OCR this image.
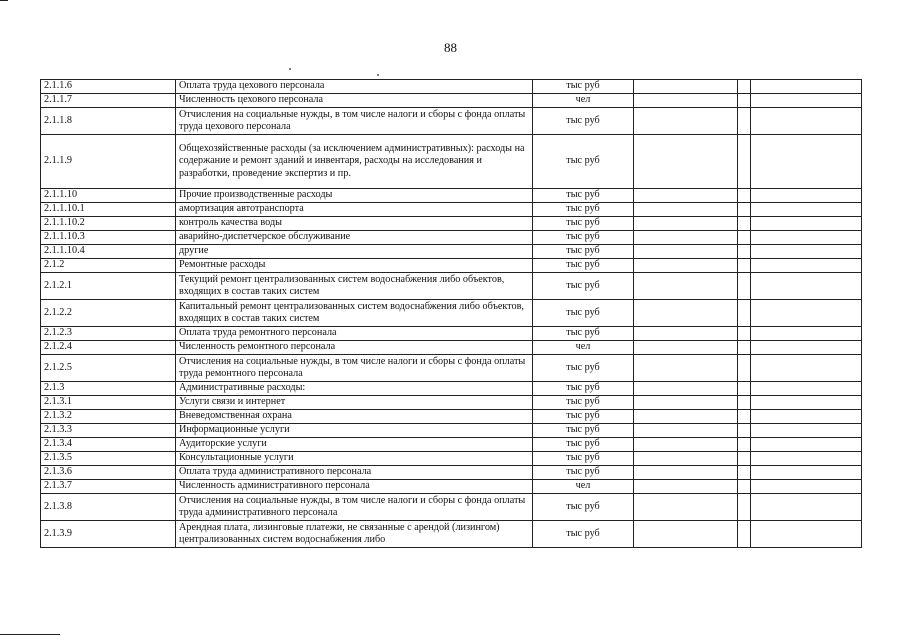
88
2.1.1.6	Оплата труда цехового персонала	тыс руб			
2.1.1.7	Численность цехового персонала	чел			
2.1.1.8	Отчисления на социальные нужды, в том числе налоги и сборы с фонда оплаты труда цехового персонала	тыс руб			
2.1.1.9	Общехозяйственные расходы (за исключением административных): расходы на содержание и ремонт зданий и инвентаря, расходы на исследования и разработки, проведение экспертиз и пр.	тыс руб			
2.1.1.10	Прочие производственные расходы	тыс руб			
2.1.1.10.1	амортизация автотранспорта	тыс руб			
2.1.1.10.2	контроль качества воды	тыс руб			
2.1.1.10.3	аварийно-диспетчерское обслуживание	тыс руб			
2.1.1.10.4	другие	тыс руб			
2.1.2	Ремонтные расходы	тыс руб			
2.1.2.1	Текущий ремонт централизованных систем водоснабжения либо объектов, входящих в состав таких систем	тыс руб			
2.1.2.2	Капитальный ремонт централизованных систем водоснабжения либо объектов, входящих в состав таких систем	тыс руб			
2.1.2.3	Оплата труда ремонтного персонала	тыс руб			
2.1.2.4	Численность ремонтного персонала	чел			
2.1.2.5	Отчисления на социальные нужды, в том числе налоги и сборы с фонда оплаты труда ремонтного персонала	тыс руб			
2.1.3	Административные расходы:	тыс руб			
2.1.3.1	Услуги связи и интернет	тыс руб			
2.1.3.2	Вневедомственная охрана	тыс руб			
2.1.3.3	Информационные услуги	тыс руб			
2.1.3.4	Аудиторские услуги	тыс руб			
2.1.3.5	Консультационные услуги	тыс руб			
2.1.3.6	Оплата труда административного персонала	тыс руб			
2.1.3.7	Численность административного персонала	чел			
2.1.3.8	Отчисления на социальные нужды, в том числе налоги и сборы с фонда оплаты труда административного персонала	тыс руб			
2.1.3.9	Арендная плата, лизинговые платежи, не связанные с арендой (лизингом) централизованных систем водоснабжения либо	тыс руб			
